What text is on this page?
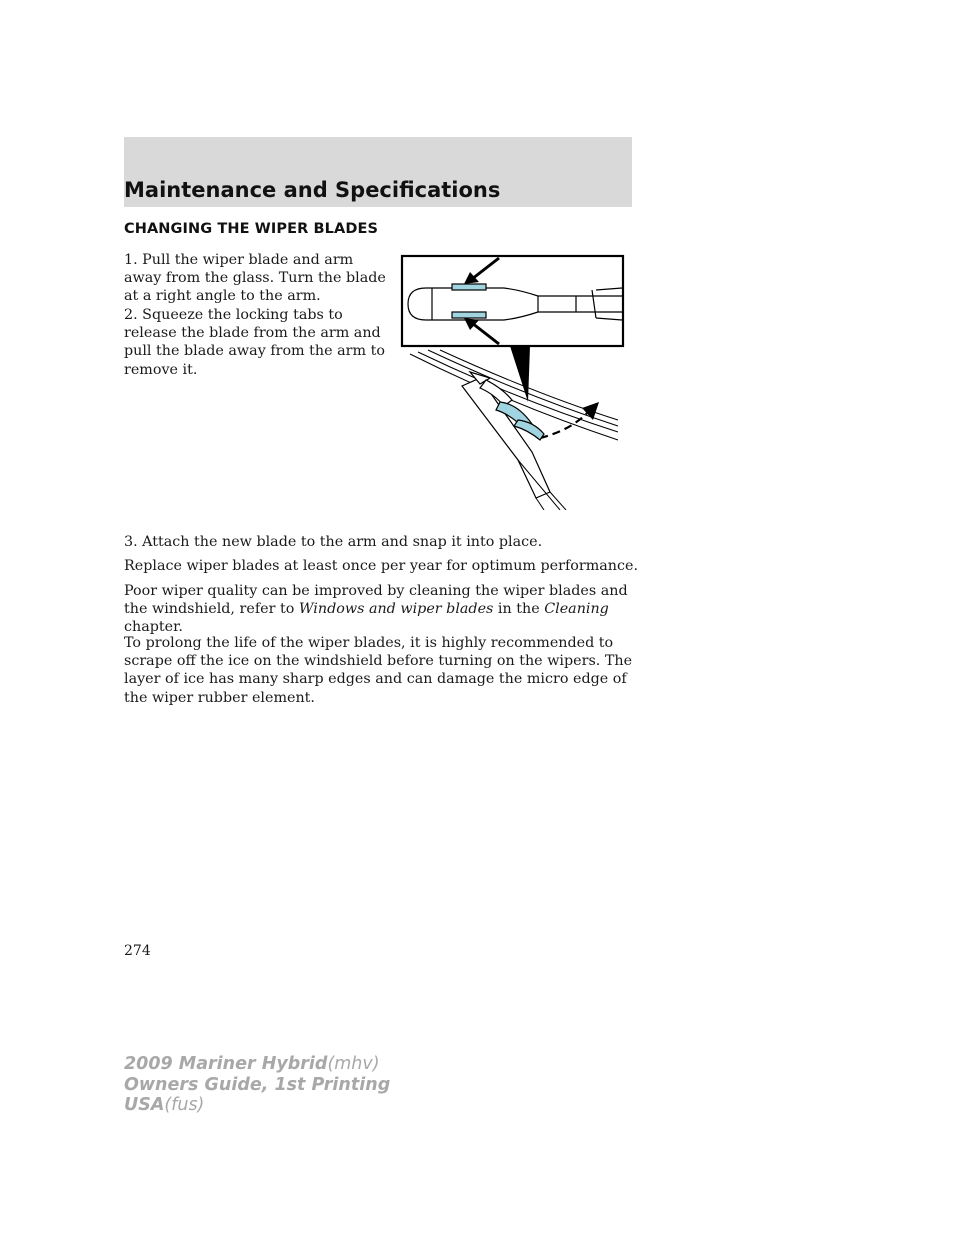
Maintenance and Specifications
CHANGING THE WIPER BLADES

1. Pull the wiper blade and arm away from the glass. Turn the blade at a right angle to the arm.

2. Squeeze the locking tabs to release the blade from the arm and pull the blade away from the arm to remove it.

3. Attach the new blade to the arm and snap it into place.

Replace wiper blades at least once per year for optimum performance.

Poor wiper quality can be improved by cleaning the wiper blades and the windshield, refer to Windows and wiper blades in the Cleaning chapter.

To prolong the life of the wiper blades, it is highly recommended to scrape off the ice on the windshield before turning on the wipers. The layer of ice has many sharp edges and can damage the micro edge of the wiper rubber element.

274
2009 Mariner Hybrid(mhv)
Owners Guide, 1st Printing
USA(fus)
